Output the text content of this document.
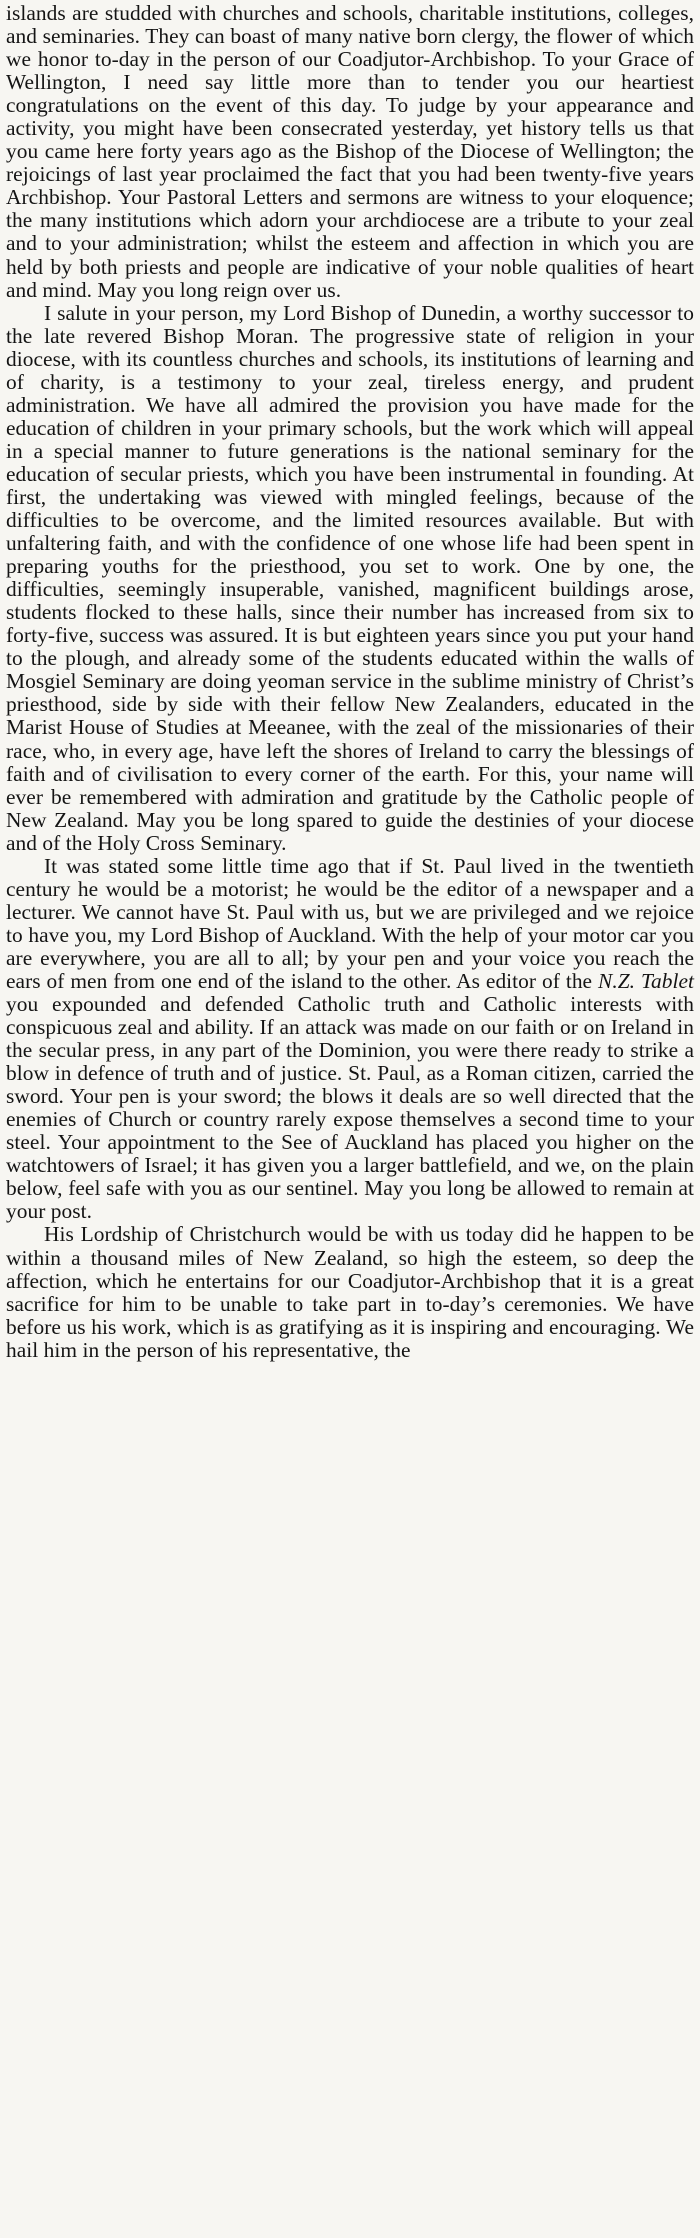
islands are studded with churches and schools, charitable institutions, colleges, and seminaries. They can boast of many native born clergy, the flower of which we honor to-day in the person of our Coadjutor-Archbishop. To your Grace of Wellington, I need say little more than to tender you our heartiest congratulations on the event of this day. To judge by your appearance and activity, you might have been consecrated yesterday, yet history tells us that you came here forty years ago as the Bishop of the Diocese of Wellington; the rejoicings of last year proclaimed the fact that you had been twenty-five years Archbishop. Your Pastoral Letters and sermons are witness to your eloquence; the many institutions which adorn your archdiocese are a tribute to your zeal and to your administration; whilst the esteem and affection in which you are held by both priests and people are indicative of your noble qualities of heart and mind. May you long reign over us.

I salute in your person, my Lord Bishop of Dunedin, a worthy successor to the late revered Bishop Moran. The progressive state of religion in your diocese, with its countless churches and schools, its institutions of learning and of charity, is a testimony to your zeal, tireless energy, and prudent administration. We have all admired the provision you have made for the education of children in your primary schools, but the work which will appeal in a special manner to future generations is the national seminary for the education of secular priests, which you have been instrumental in founding. At first, the undertaking was viewed with mingled feelings, because of the difficulties to be overcome, and the limited resources available. But with unfaltering faith, and with the confidence of one whose life had been spent in preparing youths for the priesthood, you set to work. One by one, the difficulties, seemingly insuperable, vanished, magnificent buildings arose, students flocked to these halls, since their number has increased from six to forty-five, success was assured. It is but eighteen years since you put your hand to the plough, and already some of the students educated within the walls of Mosgiel Seminary are doing yeoman service in the sublime ministry of Christ’s priesthood, side by side with their fellow New Zealanders, educated in the Marist House of Studies at Meeanee, with the zeal of the missionaries of their race, who, in every age, have left the shores of Ireland to carry the blessings of faith and of civilisation to every corner of the earth. For this, your name will ever be remembered with admiration and gratitude by the Catholic people of New Zealand. May you be long spared to guide the destinies of your diocese and of the Holy Cross Seminary.

It was stated some little time ago that if St. Paul lived in the twentieth century he would be a motorist; he would be the editor of a newspaper and a lecturer. We cannot have St. Paul with us, but we are privileged and we rejoice to have you, my Lord Bishop of Auckland. With the help of your motor car you are everywhere, you are all to all; by your pen and your voice you reach the ears of men from one end of the island to the other. As editor of the N.Z. Tablet you expounded and defended Catholic truth and Catholic interests with conspicuous zeal and ability. If an attack was made on our faith or on Ireland in the secular press, in any part of the Dominion, you were there ready to strike a blow in defence of truth and of justice. St. Paul, as a Roman citizen, carried the sword. Your pen is your sword; the blows it deals are so well directed that the enemies of Church or country rarely expose themselves a second time to your steel. Your appointment to the See of Auckland has placed you higher on the watchtowers of Israel; it has given you a larger battlefield, and we, on the plain below, feel safe with you as our sentinel. May you long be allowed to remain at your post.

His Lordship of Christchurch would be with us today did he happen to be within a thousand miles of New Zealand, so high the esteem, so deep the affection, which he entertains for our Coadjutor-Archbishop that it is a great sacrifice for him to be unable to take part in to-day’s ceremonies. We have before us his work, which is as gratifying as it is inspiring and encouraging. We hail him in the person of his representative, the
